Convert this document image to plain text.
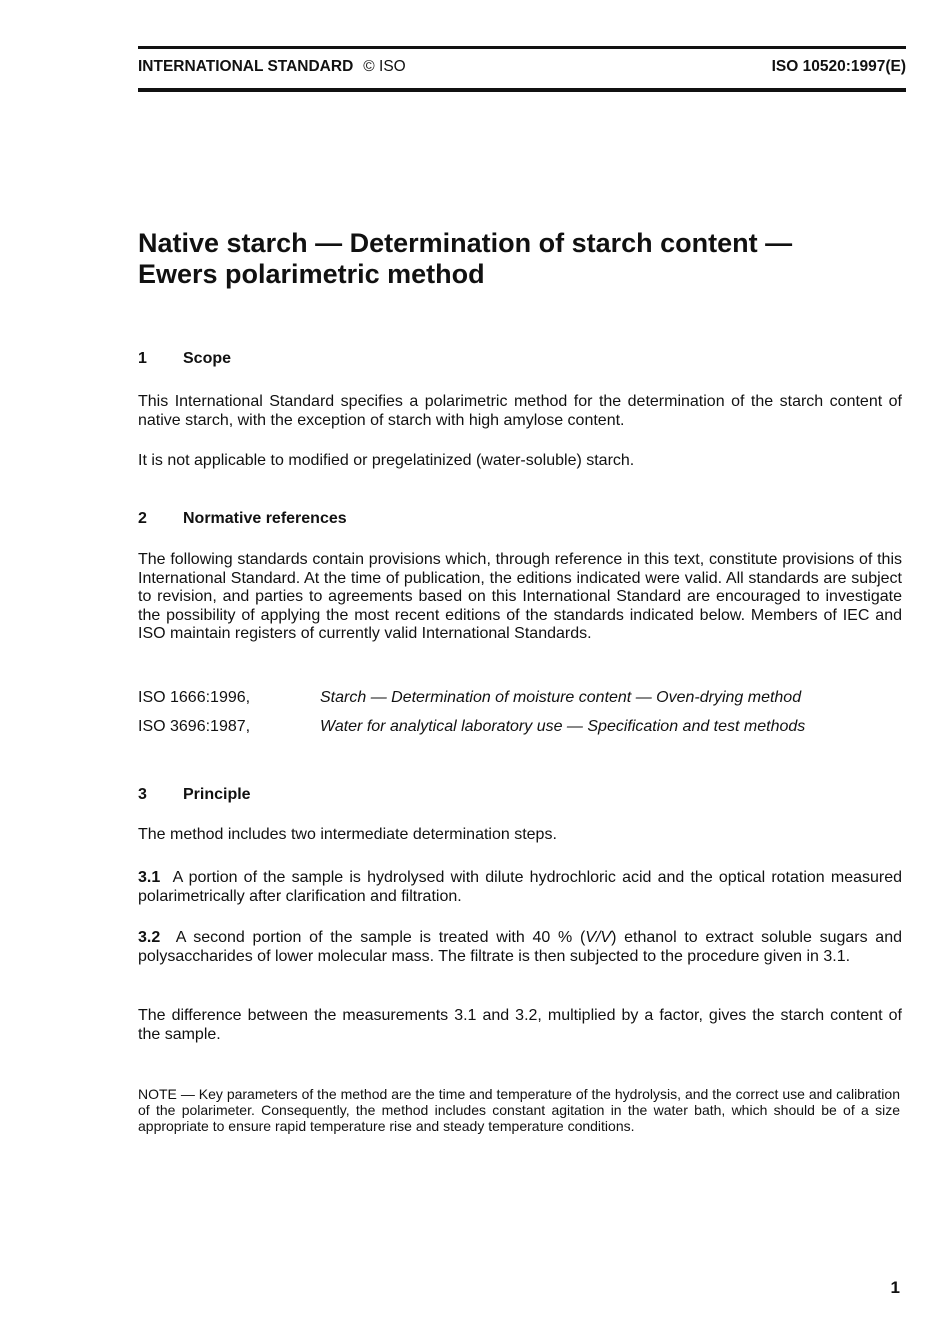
INTERNATIONAL STANDARD © ISO	ISO 10520:1997(E)
Native starch — Determination of starch content —
Ewers polarimetric method
1 Scope
This International Standard specifies a polarimetric method for the determination of the starch content of native starch, with the exception of starch with high amylose content.
It is not applicable to modified or pregelatinized (water-soluble) starch.
2 Normative references
The following standards contain provisions which, through reference in this text, constitute provisions of this International Standard. At the time of publication, the editions indicated were valid. All standards are subject to revision, and parties to agreements based on this International Standard are encouraged to investigate the possibility of applying the most recent editions of the standards indicated below. Members of IEC and ISO maintain registers of currently valid International Standards.
ISO 1666:1996,	Starch — Determination of moisture content — Oven-drying method
ISO 3696:1987,	Water for analytical laboratory use — Specification and test methods
3 Principle
The method includes two intermediate determination steps.
3.1 A portion of the sample is hydrolysed with dilute hydrochloric acid and the optical rotation measured polarimetrically after clarification and filtration.
3.2 A second portion of the sample is treated with 40 % (V/V) ethanol to extract soluble sugars and polysaccharides of lower molecular mass. The filtrate is then subjected to the procedure given in 3.1.
The difference between the measurements 3.1 and 3.2, multiplied by a factor, gives the starch content of the sample.
NOTE — Key parameters of the method are the time and temperature of the hydrolysis, and the correct use and calibration of the polarimeter. Consequently, the method includes constant agitation in the water bath, which should be of a size appropriate to ensure rapid temperature rise and steady temperature conditions.
1
